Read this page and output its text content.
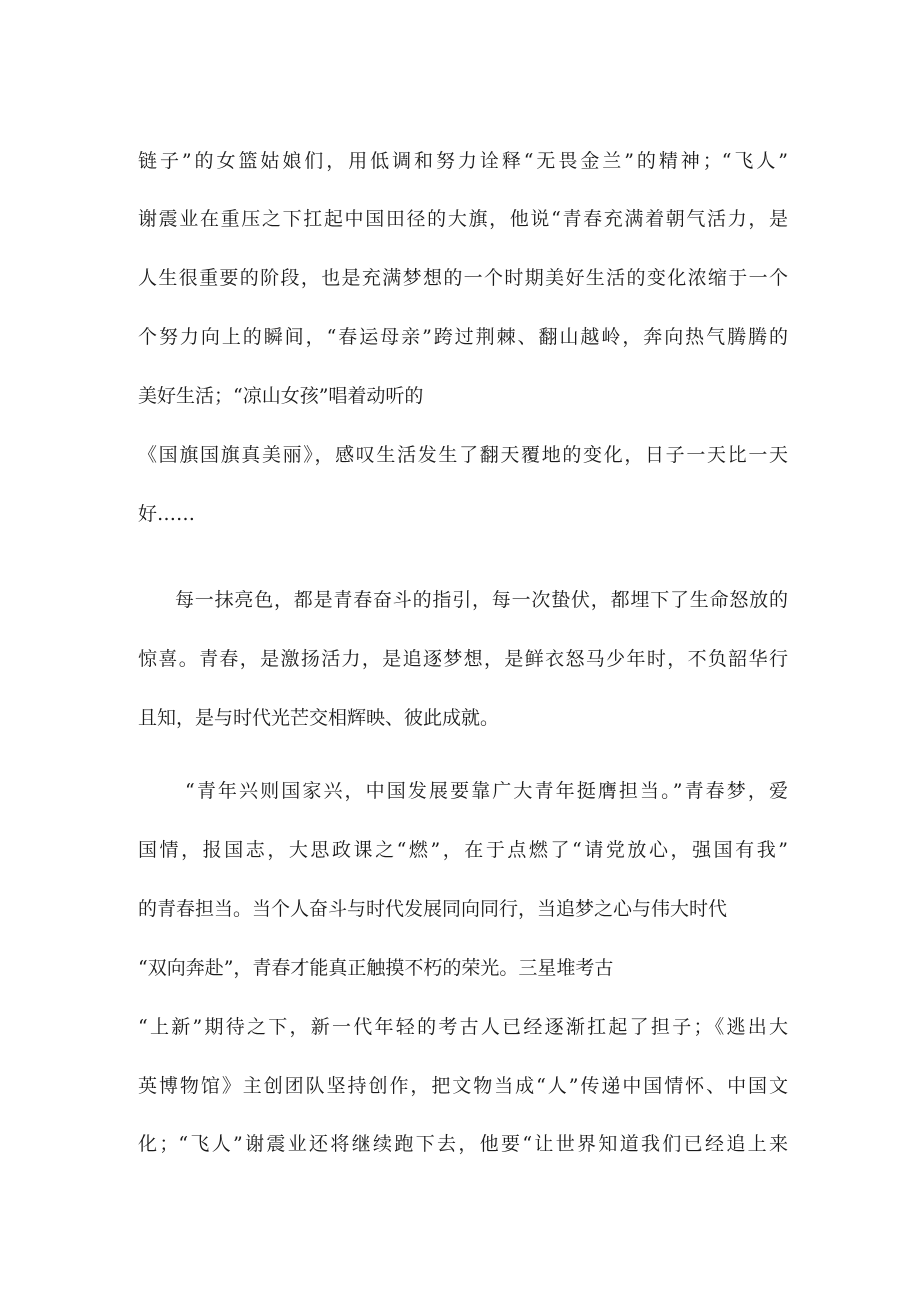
链子”的女篮姑娘们，用低调和努力诠释“无畏金兰”的精神；“飞人”
谢震业在重压之下扛起中国田径的大旗，他说“青春充满着朝气活力，是
人生很重要的阶段，也是充满梦想的一个时期美好生活的变化浓缩于一个
个努力向上的瞬间，“春运母亲”跨过荆棘、翻山越岭，奔向热气腾腾的
美好生活；“凉山女孩”唱着动听的
《国旗国旗真美丽》，感叹生活发生了翻天覆地的变化，日子一天比一天
好……
每一抹亮色，都是青春奋斗的指引，每一次蛰伏，都埋下了生命怒放的
惊喜。青春，是激扬活力，是追逐梦想，是鲜衣怒马少年时，不负韶华行
且知，是与时代光芒交相辉映、彼此成就。
“青年兴则国家兴，中国发展要靠广大青年挺膺担当。”青春梦，爱
国情，报国志，大思政课之“燃”，在于点燃了“请党放心，强国有我”
的青春担当。当个人奋斗与时代发展同向同行，当追梦之心与伟大时代
“双向奔赴”，青春才能真正触摸不朽的荣光。三星堆考古
“上新”期待之下，新一代年轻的考古人已经逐渐扛起了担子；《逃出大
英博物馆》主创团队坚持创作，把文物当成“人”传递中国情怀、中国文
化；“飞人”谢震业还将继续跑下去，他要“让世界知道我们已经追上来
